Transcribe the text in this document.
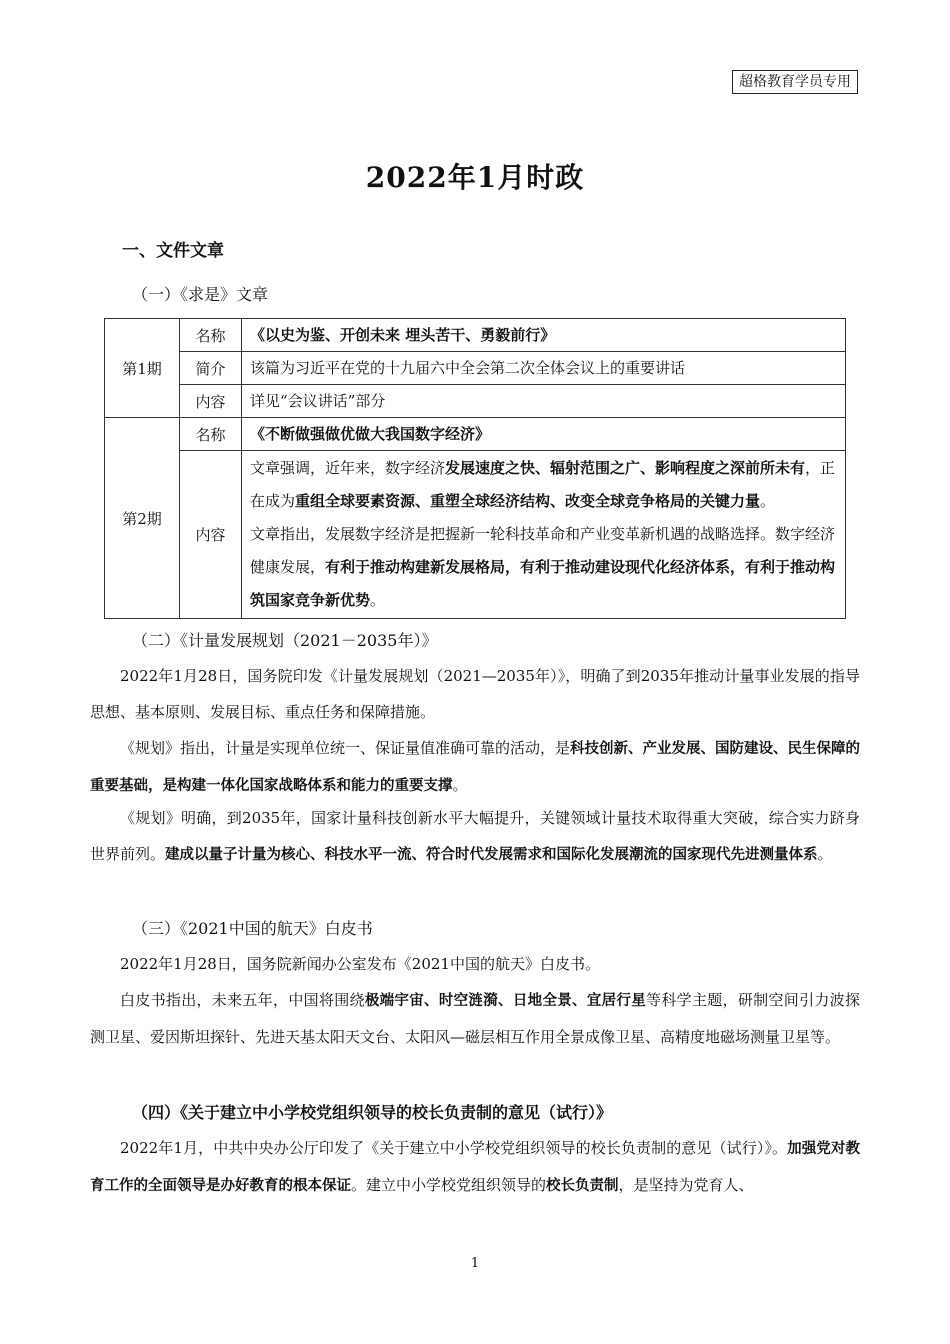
超格教育学员专用
2022年1月时政
一、文件文章
（一）《求是》文章
第1期	名称	《以史为鉴、开创未来 埋头苦干、勇毅前行》
	简介	该篇为习近平在党的十九届六中全会第二次全体会议上的重要讲话
	内容	详见“会议讲话”部分
第2期	名称	《不断做强做优做大我国数字经济》
	内容	文章强调，近年来，数字经济发展速度之快、辐射范围之广、影响程度之深前所未有，正在成为重组全球要素资源、重塑全球经济结构、改变全球竞争格局的关键力量。
文章指出，发展数字经济是把握新一轮科技革命和产业变革新机遇的战略选择。数字经济健康发展，有利于推动构建新发展格局，有利于推动建设现代化经济体系，有利于推动构筑国家竞争新优势。
（二）《计量发展规划（2021－2035年）》
2022年1月28日，国务院印发《计量发展规划（2021—2035年）》，明确了到2035年推动计量事业发展的指导思想、基本原则、发展目标、重点任务和保障措施。
《规划》指出，计量是实现单位统一、保证量值准确可靠的活动，是科技创新、产业发展、国防建设、民生保障的重要基础，是构建一体化国家战略体系和能力的重要支撑。
《规划》明确，到2035年，国家计量科技创新水平大幅提升，关键领域计量技术取得重大突破，综合实力跻身世界前列。建成以量子计量为核心、科技水平一流、符合时代发展需求和国际化发展潮流的国家现代先进测量体系。
（三）《2021中国的航天》白皮书
2022年1月28日，国务院新闻办公室发布《2021中国的航天》白皮书。
白皮书指出，未来五年，中国将围绕极端宇宙、时空涟漪、日地全景、宜居行星等科学主题，研制空间引力波探测卫星、爱因斯坦探针、先进天基太阳天文台、太阳风—磁层相互作用全景成像卫星、高精度地磁场测量卫星等。
（四）《关于建立中小学校党组织领导的校长负责制的意见（试行）》
2022年1月，中共中央办公厅印发了《关于建立中小学校党组织领导的校长负责制的意见（试行）》。加强党对教育工作的全面领导是办好教育的根本保证。建立中小学校党组织领导的校长负责制，是坚持为党育人、
1
